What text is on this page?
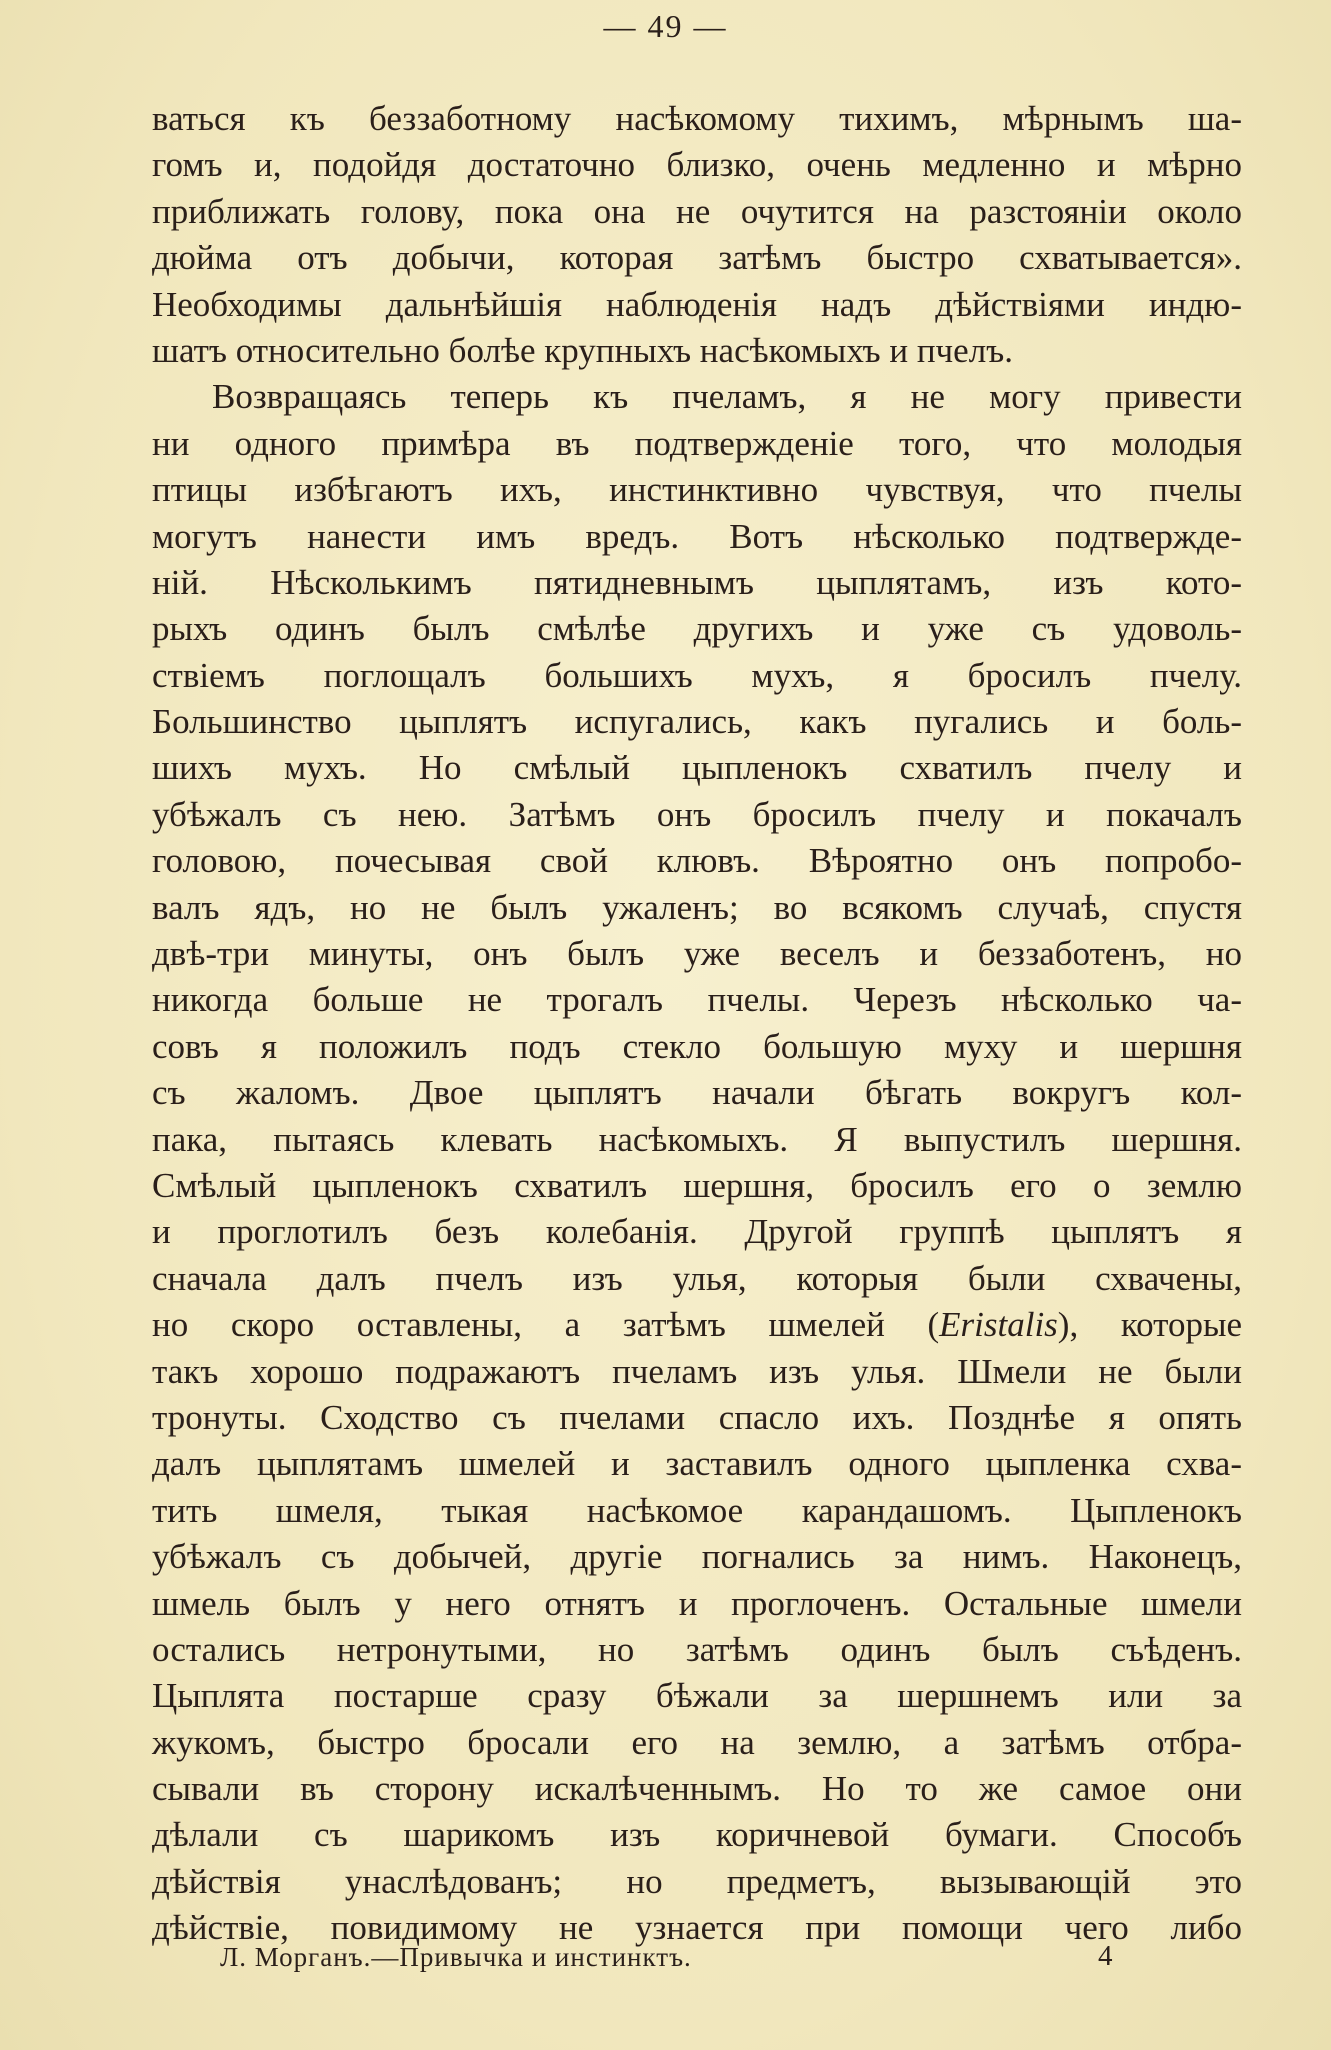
— 49 —
ваться къ беззаботному насѣкомому тихимъ, мѣрнымъ ша-
гомъ и, подойдя достаточно близко, очень медленно и мѣрно
приближать голову, пока она не очутится на разстояніи около
дюйма отъ добычи, которая затѣмъ быстро схватывается».
Необходимы дальнѣйшія наблюденія надъ дѣйствіями индю-
шатъ относительно болѣе крупныхъ насѣкомыхъ и пчелъ.
Возвращаясь теперь къ пчеламъ, я не могу привести
ни одного примѣра въ подтвержденіе того, что молодыя
птицы избѣгаютъ ихъ, инстинктивно чувствуя, что пчелы
могутъ нанести имъ вредъ. Вотъ нѣсколько подтвержде-
ній. Нѣсколькимъ пятидневнымъ цыплятамъ, изъ кото-
рыхъ одинъ былъ смѣлѣе другихъ и уже съ удоволь-
ствіемъ поглощалъ большихъ мухъ, я бросилъ пчелу.
Большинство цыплятъ испугались, какъ пугались и боль-
шихъ мухъ. Но смѣлый цыпленокъ схватилъ пчелу и
убѣжалъ съ нею. Затѣмъ онъ бросилъ пчелу и покачалъ
головою, почесывая свой клювъ. Вѣроятно онъ попробо-
валъ ядъ, но не былъ ужаленъ; во всякомъ случаѣ, спустя
двѣ-три минуты, онъ былъ уже веселъ и беззаботенъ, но
никогда больше не трогалъ пчелы. Черезъ нѣсколько ча-
совъ я положилъ подъ стекло большую муху и шершня
съ жаломъ. Двое цыплятъ начали бѣгать вокругъ кол-
пака, пытаясь клевать насѣкомыхъ. Я выпустилъ шершня.
Смѣлый цыпленокъ схватилъ шершня, бросилъ его о землю
и проглотилъ безъ колебанія. Другой группѣ цыплятъ я
сначала далъ пчелъ изъ улья, которыя были схвачены,
но скоро оставлены, а затѣмъ шмелей (Eristalis), которые
такъ хорошо подражаютъ пчеламъ изъ улья. Шмели не были
тронуты. Сходство съ пчелами спасло ихъ. Позднѣе я опять
далъ цыплятамъ шмелей и заставилъ одного цыпленка схва-
тить шмеля, тыкая насѣкомое карандашомъ. Цыпленокъ
убѣжалъ съ добычей, другіе погнались за нимъ. Наконецъ,
шмель былъ у него отнятъ и проглоченъ. Остальные шмели
остались нетронутыми, но затѣмъ одинъ былъ съѣденъ.
Цыплята постарше сразу бѣжали за шершнемъ или за
жукомъ, быстро бросали его на землю, а затѣмъ отбра-
сывали въ сторону искалѣченнымъ. Но то же самое они
дѣлали съ шарикомъ изъ коричневой бумаги. Способъ
дѣйствія унаслѣдованъ; но предметъ, вызывающій это
дѣйствіе, повидимому не узнается при помощи чего либо
Л. Морганъ.—Привычка и инстинктъ.	4
